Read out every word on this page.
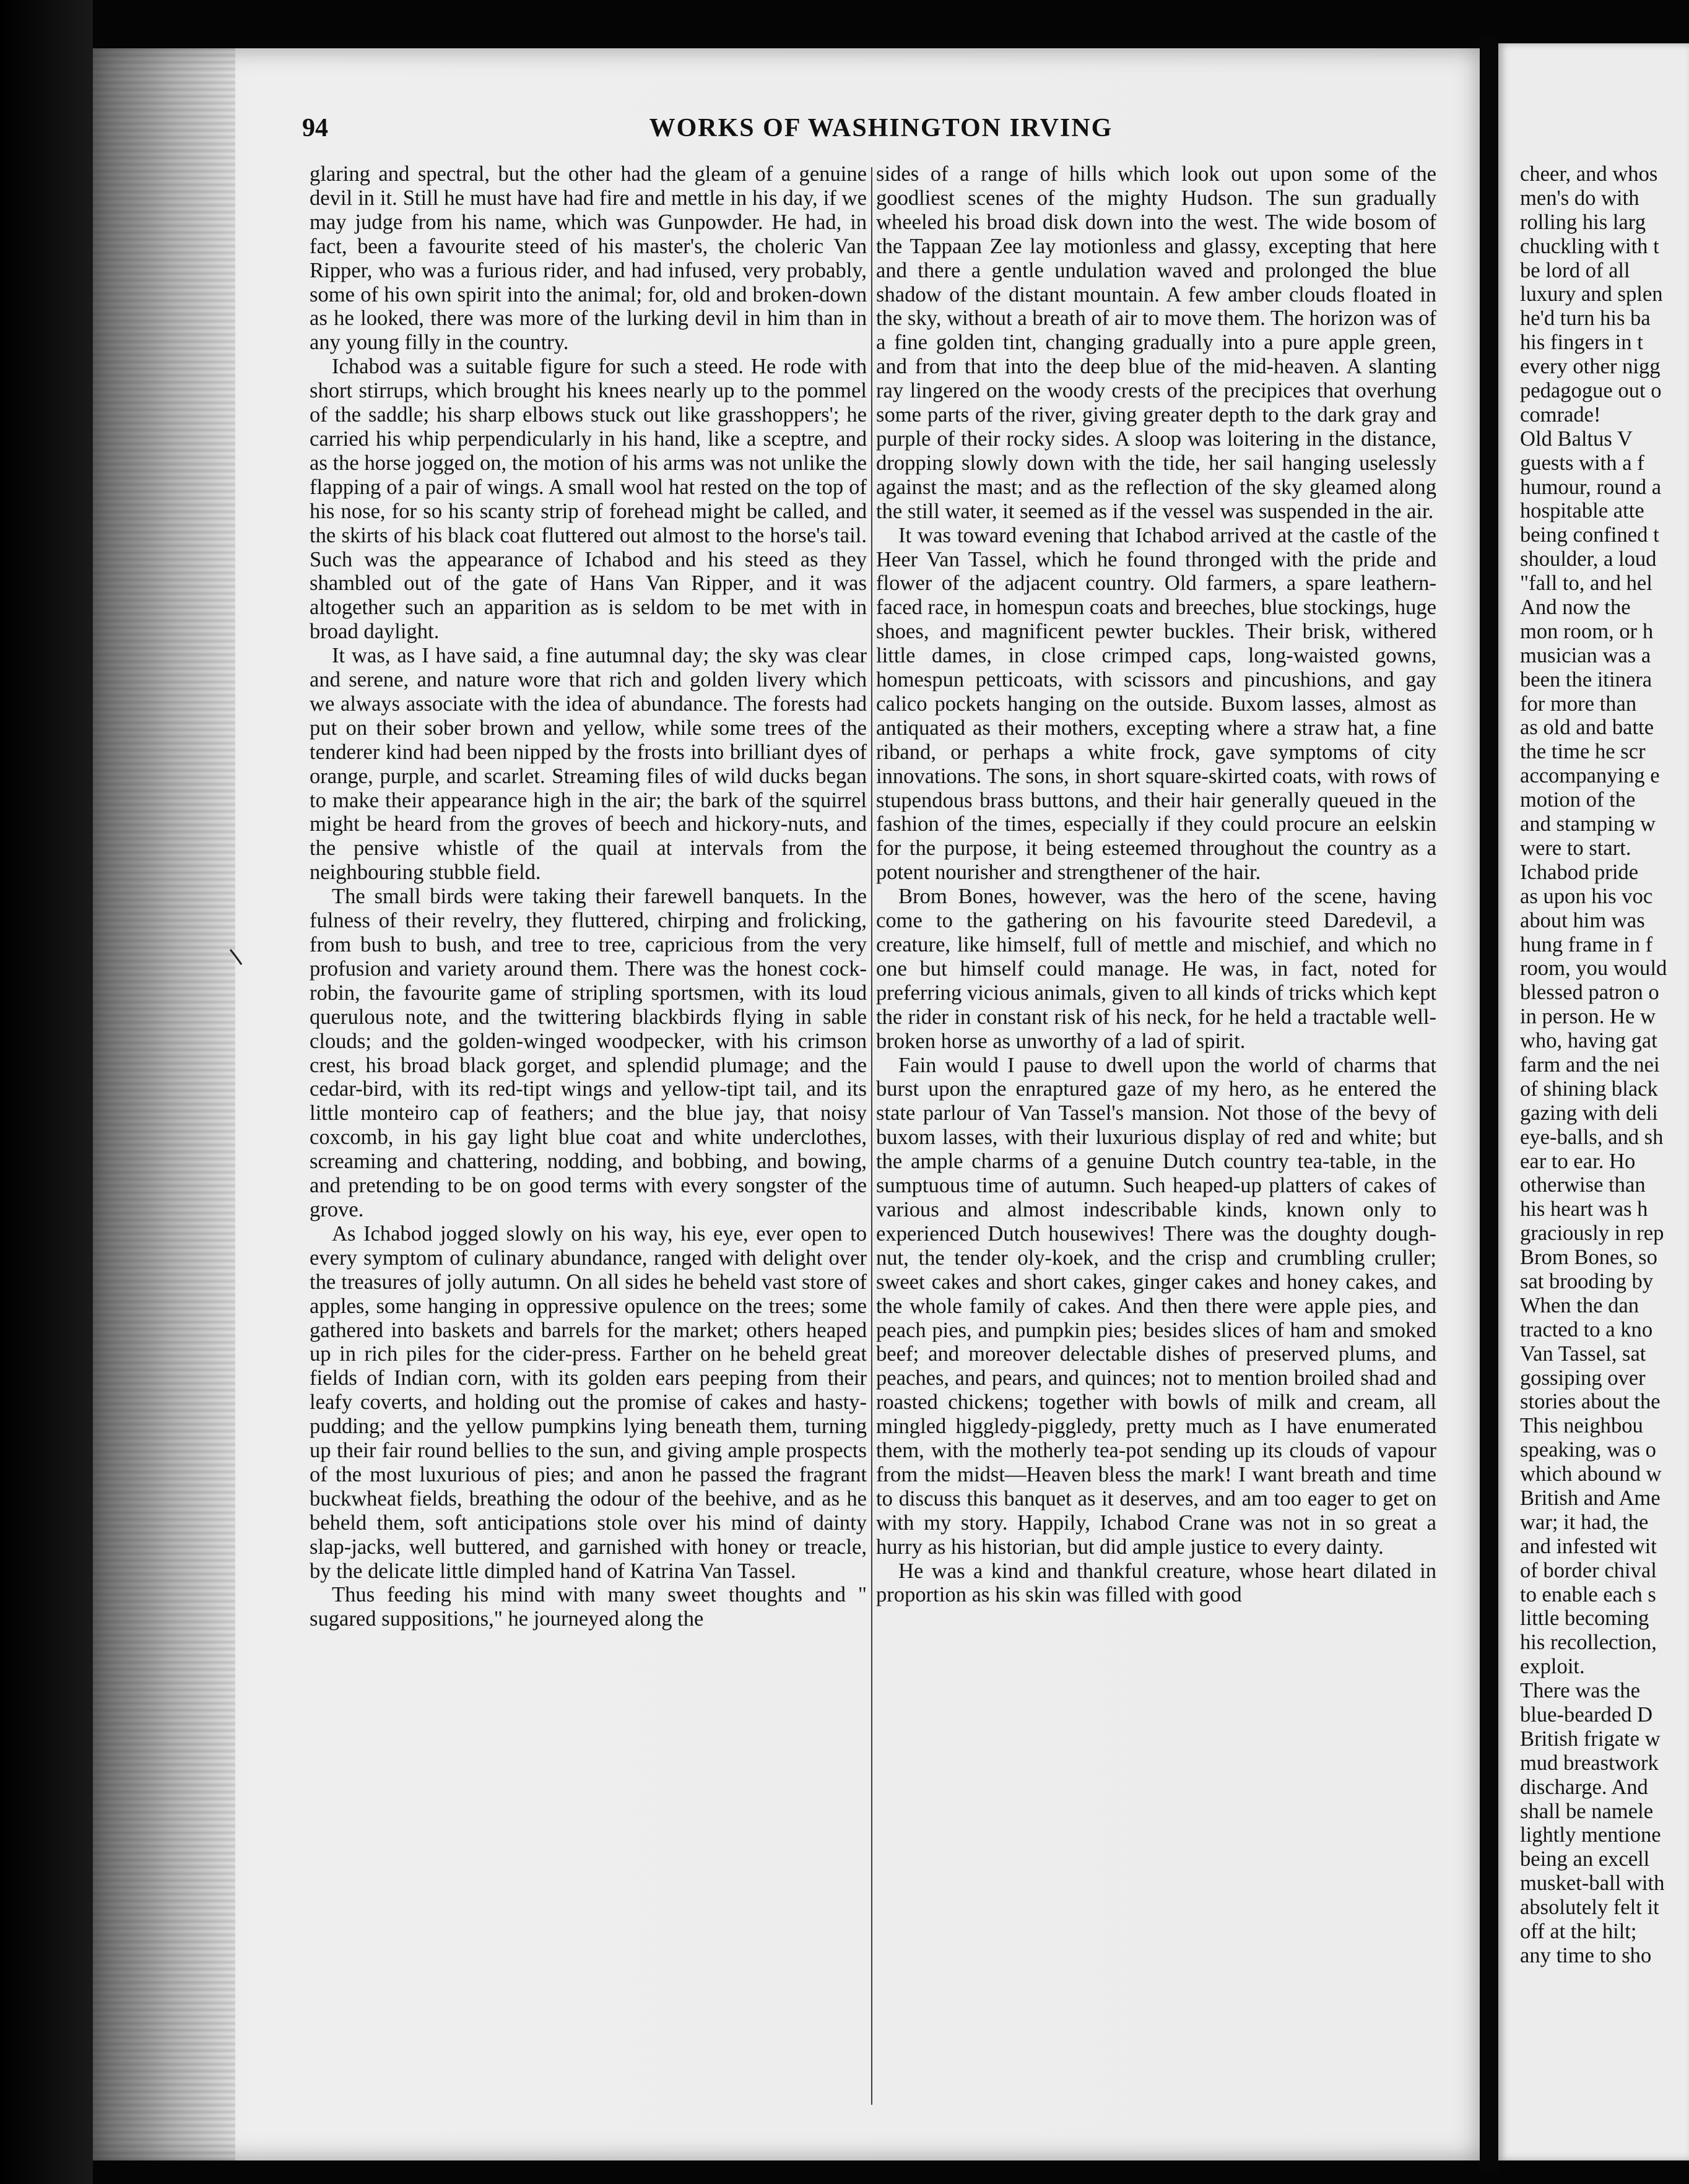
94	WORKS OF WASHINGTON IRVING

glaring and spectral, but the other had the gleam of a genuine devil in it. Still he must have had fire and mettle in his day, if we may judge from his name, which was Gunpowder. He had, in fact, been a favourite steed of his master's, the choleric Van Ripper, who was a furious rider, and had infused, very probably, some of his own spirit into the animal; for, old and broken-down as he looked, there was more of the lurking devil in him than in any young filly in the country.

Ichabod was a suitable figure for such a steed. He rode with short stirrups, which brought his knees nearly up to the pommel of the saddle; his sharp elbows stuck out like grasshoppers'; he carried his whip perpendicularly in his hand, like a sceptre, and as the horse jogged on, the motion of his arms was not unlike the flapping of a pair of wings. A small wool hat rested on the top of his nose, for so his scanty strip of forehead might be called, and the skirts of his black coat fluttered out almost to the horse's tail. Such was the appearance of Ichabod and his steed as they shambled out of the gate of Hans Van Ripper, and it was altogether such an apparition as is seldom to be met with in broad daylight.

It was, as I have said, a fine autumnal day; the sky was clear and serene, and nature wore that rich and golden livery which we always associate with the idea of abundance. The forests had put on their sober brown and yellow, while some trees of the tenderer kind had been nipped by the frosts into brilliant dyes of orange, purple, and scarlet. Streaming files of wild ducks began to make their appearance high in the air; the bark of the squirrel might be heard from the groves of beech and hickory-nuts, and the pensive whistle of the quail at intervals from the neighbouring stubble field.

The small birds were taking their farewell banquets. In the fulness of their revelry, they fluttered, chirping and frolicking, from bush to bush, and tree to tree, capricious from the very profusion and variety around them. There was the honest cock-robin, the favourite game of stripling sportsmen, with its loud querulous note, and the twittering blackbirds flying in sable clouds; and the golden-winged woodpecker, with his crimson crest, his broad black gorget, and splendid plumage; and the cedar-bird, with its red-tipt wings and yellow-tipt tail, and its little monteiro cap of feathers; and the blue jay, that noisy coxcomb, in his gay light blue coat and white underclothes, screaming and chattering, nodding, and bobbing, and bowing, and pretending to be on good terms with every songster of the grove.

As Ichabod jogged slowly on his way, his eye, ever open to every symptom of culinary abundance, ranged with delight over the treasures of jolly autumn. On all sides he beheld vast store of apples, some hanging in oppressive opulence on the trees; some gathered into baskets and barrels for the market; others heaped up in rich piles for the cider-press. Farther on he beheld great fields of Indian corn, with its golden ears peeping from their leafy coverts, and holding out the promise of cakes and hasty-pudding; and the yellow pumpkins lying beneath them, turning up their fair round bellies to the sun, and giving ample prospects of the most luxurious of pies; and anon he passed the fragrant buckwheat fields, breathing the odour of the beehive, and as he beheld them, soft anticipations stole over his mind of dainty slap-jacks, well buttered, and garnished with honey or treacle, by the delicate little dimpled hand of Katrina Van Tassel.

Thus feeding his mind with many sweet thoughts and " sugared suppositions," he journeyed along the

sides of a range of hills which look out upon some of the goodliest scenes of the mighty Hudson. The sun gradually wheeled his broad disk down into the west. The wide bosom of the Tappaan Zee lay motionless and glassy, excepting that here and there a gentle undulation waved and prolonged the blue shadow of the distant mountain. A few amber clouds floated in the sky, without a breath of air to move them. The horizon was of a fine golden tint, changing gradually into a pure apple green, and from that into the deep blue of the mid-heaven. A slanting ray lingered on the woody crests of the precipices that overhung some parts of the river, giving greater depth to the dark gray and purple of their rocky sides. A sloop was loitering in the distance, dropping slowly down with the tide, her sail hanging uselessly against the mast; and as the reflection of the sky gleamed along the still water, it seemed as if the vessel was suspended in the air.

It was toward evening that Ichabod arrived at the castle of the Heer Van Tassel, which he found thronged with the pride and flower of the adjacent country. Old farmers, a spare leathern-faced race, in homespun coats and breeches, blue stockings, huge shoes, and magnificent pewter buckles. Their brisk, withered little dames, in close crimped caps, long-waisted gowns, homespun petticoats, with scissors and pincushions, and gay calico pockets hanging on the outside. Buxom lasses, almost as antiquated as their mothers, excepting where a straw hat, a fine riband, or perhaps a white frock, gave symptoms of city innovations. The sons, in short square-skirted coats, with rows of stupendous brass buttons, and their hair generally queued in the fashion of the times, especially if they could procure an eelskin for the purpose, it being esteemed throughout the country as a potent nourisher and strengthener of the hair.

Brom Bones, however, was the hero of the scene, having come to the gathering on his favourite steed Daredevil, a creature, like himself, full of mettle and mischief, and which no one but himself could manage. He was, in fact, noted for preferring vicious animals, given to all kinds of tricks which kept the rider in constant risk of his neck, for he held a tractable well-broken horse as unworthy of a lad of spirit.

Fain would I pause to dwell upon the world of charms that burst upon the enraptured gaze of my hero, as he entered the state parlour of Van Tassel's mansion. Not those of the bevy of buxom lasses, with their luxurious display of red and white; but the ample charms of a genuine Dutch country tea-table, in the sumptuous time of autumn. Such heaped-up platters of cakes of various and almost indescribable kinds, known only to experienced Dutch housewives! There was the doughty dough-nut, the tender oly-koek, and the crisp and crumbling cruller; sweet cakes and short cakes, ginger cakes and honey cakes, and the whole family of cakes. And then there were apple pies, and peach pies, and pumpkin pies; besides slices of ham and smoked beef; and moreover delectable dishes of preserved plums, and peaches, and pears, and quinces; not to mention broiled shad and roasted chickens; together with bowls of milk and cream, all mingled higgledy-piggledy, pretty much as I have enumerated them, with the motherly tea-pot sending up its clouds of vapour from the midst—Heaven bless the mark! I want breath and time to discuss this banquet as it deserves, and am too eager to get on with my story. Happily, Ichabod Crane was not in so great a hurry as his historian, but did ample justice to every dainty.

He was a kind and thankful creature, whose heart dilated in proportion as his skin was filled with good

cheer, and whos
men's do with
rolling his larg
chuckling with t
be lord of all
luxury and splen
he'd turn his ba
his fingers in t
every other nigg
pedagogue out o
comrade!
Old Baltus V
guests with a f
humour, round a
hospitable atte
being confined t
shoulder, a loud
"fall to, and hel
And now the
mon room, or h
musician was a
been the itinera
for more than
as old and batte
the time he scr
accompanying e
motion of the
and stamping w
were to start.
Ichabod pride
as upon his voc
about him was
hung frame in f
room, you would
blessed patron o
in person. He w
who, having gat
farm and the nei
of shining black
gazing with deli
eye-balls, and sh
ear to ear. Ho
otherwise than
his heart was h
graciously in rep
Brom Bones, so
sat brooding by
When the dan
tracted to a kno
Van Tassel, sat
gossiping over
stories about the
This neighbou
speaking, was o
which abound w
British and Ame
war; it had, the
and infested wit
of border chival
to enable each s
little becoming
his recollection,
exploit.
There was the
blue-bearded D
British frigate w
mud breastwork
discharge. And
shall be namele
lightly mentione
being an excell
musket-ball with
absolutely felt it
off at the hilt;
any time to sho
